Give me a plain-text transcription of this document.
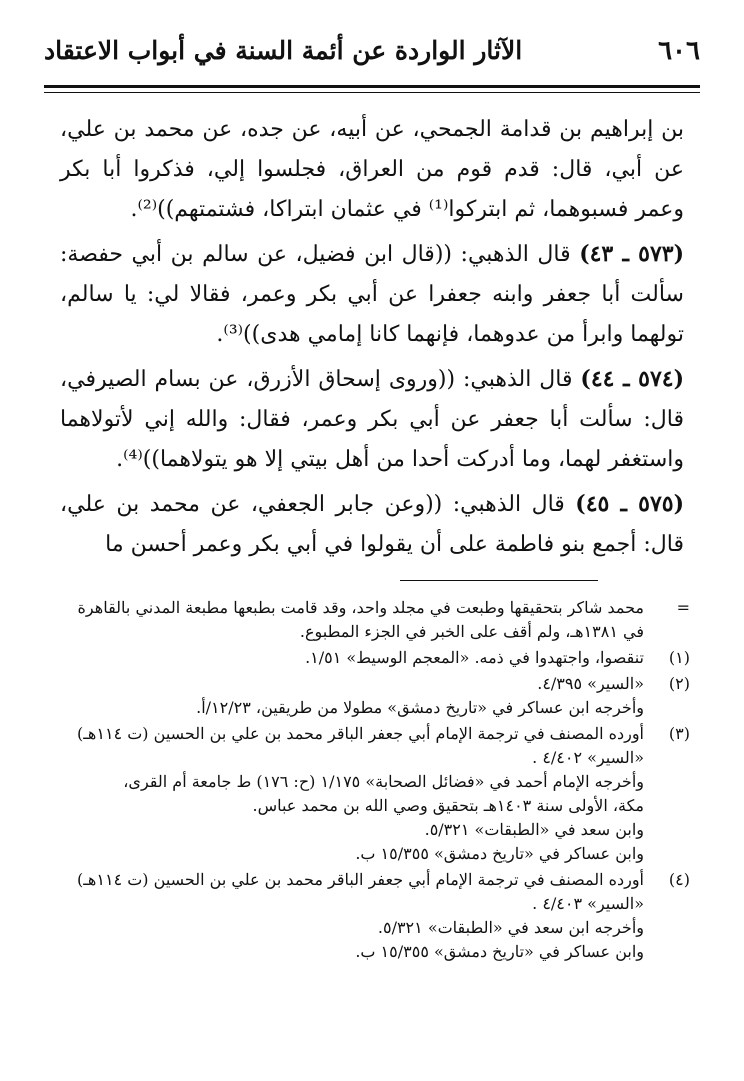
٦٠٦
الآثار الواردة عن أئمة السنة في أبواب الاعتقاد

بن إبراهيم بن قدامة الجمحي، عن أبيه، عن جده، عن محمد بن علي، عن أبي، قال: قدم قوم من العراق، فجلسوا إلي، فذكروا أبا بكر وعمر فسبوهما، ثم ابتركوا⁽¹⁾ في عثمان ابتراكا، فشتمتهم))⁽²⁾.

(٥٧٣ ـ ٤٣) قال الذهبي: ((قال ابن فضيل، عن سالم بن أبي حفصة: سألت أبا جعفر وابنه جعفرا عن أبي بكر وعمر، فقالا لي: يا سالم، تولهما وابرأ من عدوهما، فإنهما كانا إمامي هدى))⁽³⁾.

(٥٧٤ ـ ٤٤) قال الذهبي: ((وروى إسحاق الأزرق، عن بسام الصيرفي، قال: سألت أبا جعفر عن أبي بكر وعمر، فقال: والله إني لأتولاهما واستغفر لهما، وما أدركت أحدا من أهل بيتي إلا هو يتولاهما))⁽⁴⁾.

(٥٧٥ ـ ٤٥) قال الذهبي: ((وعن جابر الجعفي، عن محمد بن علي، قال: أجمع بنو فاطمة على أن يقولوا في أبي بكر وعمر أحسن ما

=
محمد شاكر بتحقيقها وطبعت في مجلد واحد، وقد قامت بطبعها مطبعة المدني بالقاهرة
في ١٣٨١هـ، ولم أقف على الخبر في الجزء المطبوع.
(١)
تنقصوا، واجتهدوا في ذمه. «المعجم الوسيط» ١/٥١.
(٢)
«السير» ٤/٣٩٥.
وأخرجه ابن عساكر في «تاريخ دمشق» مطولا من طريقين، ١٢/٢٣/أ.
(٣)
أورده المصنف في ترجمة الإمام أبي جعفر الباقر محمد بن علي بن الحسين (ت ١١٤هـ)
«السير» ٤/٤٠٢ .
وأخرجه الإمام أحمد في «فضائل الصحابة» ١/١٧٥ (ح: ١٧٦) ط جامعة أم القرى،
مكة، الأولى سنة ١٤٠٣هـ بتحقيق وصي الله بن محمد عباس.
وابن سعد في «الطبقات» ٥/٣٢١.
وابن عساكر في «تاريخ دمشق» ١٥/٣٥٥ ب.
(٤)
أورده المصنف في ترجمة الإمام أبي جعفر الباقر محمد بن علي بن الحسين (ت ١١٤هـ)
«السير» ٤/٤٠٣ .
وأخرجه ابن سعد في «الطبقات» ٥/٣٢١.
وابن عساكر في «تاريخ دمشق» ١٥/٣٥٥ ب.
